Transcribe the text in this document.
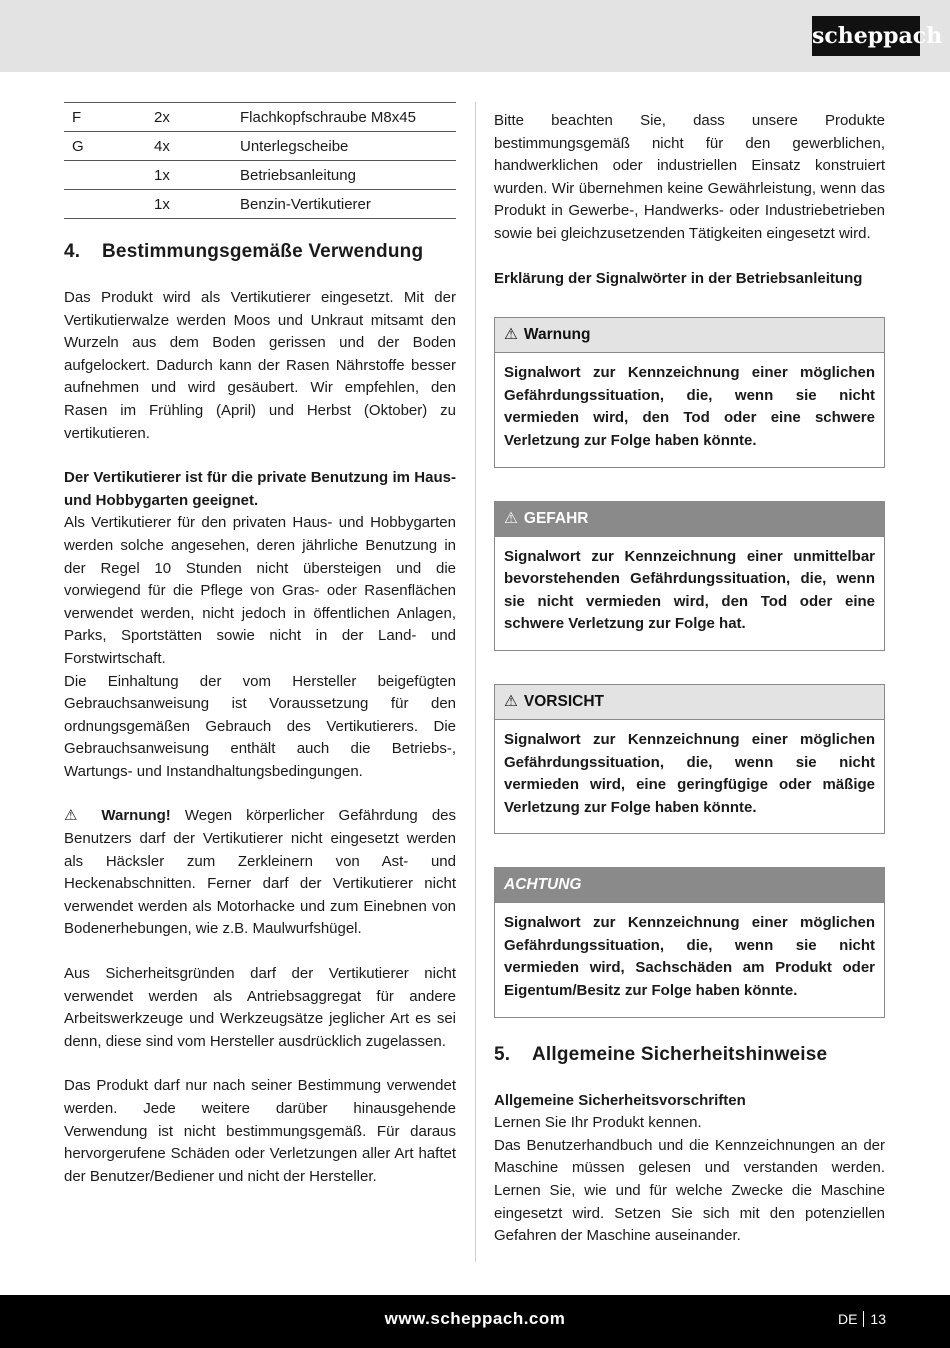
scheppach
F	2x	Flachkopfschraube M8x45
G	4x	Unterlegscheibe
	1x	Betriebsanleitung
	1x	Benzin-Vertikutierer
4. Bestimmungsgemäße Verwendung

Das Produkt wird als Vertikutierer eingesetzt. Mit der Vertikutierwalze werden Moos und Unkraut mitsamt den Wurzeln aus dem Boden gerissen und der Boden aufgelockert. Dadurch kann der Rasen Nährstoffe besser aufnehmen und wird gesäubert. Wir empfehlen, den Rasen im Frühling (April) und Herbst (Oktober) zu vertikutieren.

Der Vertikutierer ist für die private Benutzung im Haus- und Hobbygarten geeignet.

Als Vertikutierer für den privaten Haus- und Hobbygarten werden solche angesehen, deren jährliche Benutzung in der Regel 10 Stunden nicht übersteigen und die vorwiegend für die Pflege von Gras- oder Rasenflächen verwendet werden, nicht jedoch in öffentlichen Anlagen, Parks, Sportstätten sowie nicht in der Land- und Forstwirtschaft.

Die Einhaltung der vom Hersteller beigefügten Gebrauchsanweisung ist Voraussetzung für den ordnungsgemäßen Gebrauch des Vertikutierers. Die Gebrauchsanweisung enthält auch die Betriebs-, Wartungs- und Instandhaltungsbedingungen.

⚠ Warnung! Wegen körperlicher Gefährdung des Benutzers darf der Vertikutierer nicht eingesetzt werden als Häcksler zum Zerkleinern von Ast- und Heckenabschnitten. Ferner darf der Vertikutierer nicht verwendet werden als Motorhacke und zum Einebnen von Bodenerhebungen, wie z.B. Maulwurfshügel.

Aus Sicherheitsgründen darf der Vertikutierer nicht verwendet werden als Antriebsaggregat für andere Arbeitswerkzeuge und Werkzeugsätze jeglicher Art es sei denn, diese sind vom Hersteller ausdrücklich zugelassen.

Das Produkt darf nur nach seiner Bestimmung verwendet werden. Jede weitere darüber hinausgehende Verwendung ist nicht bestimmungsgemäß. Für daraus hervorgerufene Schäden oder Verletzungen aller Art haftet der Benutzer/Bediener und nicht der Hersteller.

Bitte beachten Sie, dass unsere Produkte bestimmungsgemäß nicht für den gewerblichen, handwerklichen oder industriellen Einsatz konstruiert wurden. Wir übernehmen keine Gewährleistung, wenn das Produkt in Gewerbe-, Handwerks- oder Industriebetrieben sowie bei gleichzusetzenden Tätigkeiten eingesetzt wird.

Erklärung der Signalwörter in der Betriebsanleitung

⚠ Warnung
Signalwort zur Kennzeichnung einer möglichen Gefährdungssituation, die, wenn sie nicht vermieden wird, den Tod oder eine schwere Verletzung zur Folge haben könnte.
⚠ GEFAHR
Signalwort zur Kennzeichnung einer unmittelbar bevorstehenden Gefährdungssituation, die, wenn sie nicht vermieden wird, den Tod oder eine schwere Verletzung zur Folge hat.
⚠ VORSICHT
Signalwort zur Kennzeichnung einer möglichen Gefährdungssituation, die, wenn sie nicht vermieden wird, eine geringfügige oder mäßige Verletzung zur Folge haben könnte.
ACHTUNG
Signalwort zur Kennzeichnung einer möglichen Gefährdungssituation, die, wenn sie nicht vermieden wird, Sachschäden am Produkt oder Eigentum/Besitz zur Folge haben könnte.
5. Allgemeine Sicherheitshinweise

Allgemeine Sicherheitsvorschriften

Lernen Sie Ihr Produkt kennen.

Das Benutzerhandbuch und die Kennzeichnungen an der Maschine müssen gelesen und verstanden werden. Lernen Sie, wie und für welche Zwecke die Maschine eingesetzt wird. Setzen Sie sich mit den potenziellen Gefahren der Maschine auseinander.

www.scheppach.com	DE 13
